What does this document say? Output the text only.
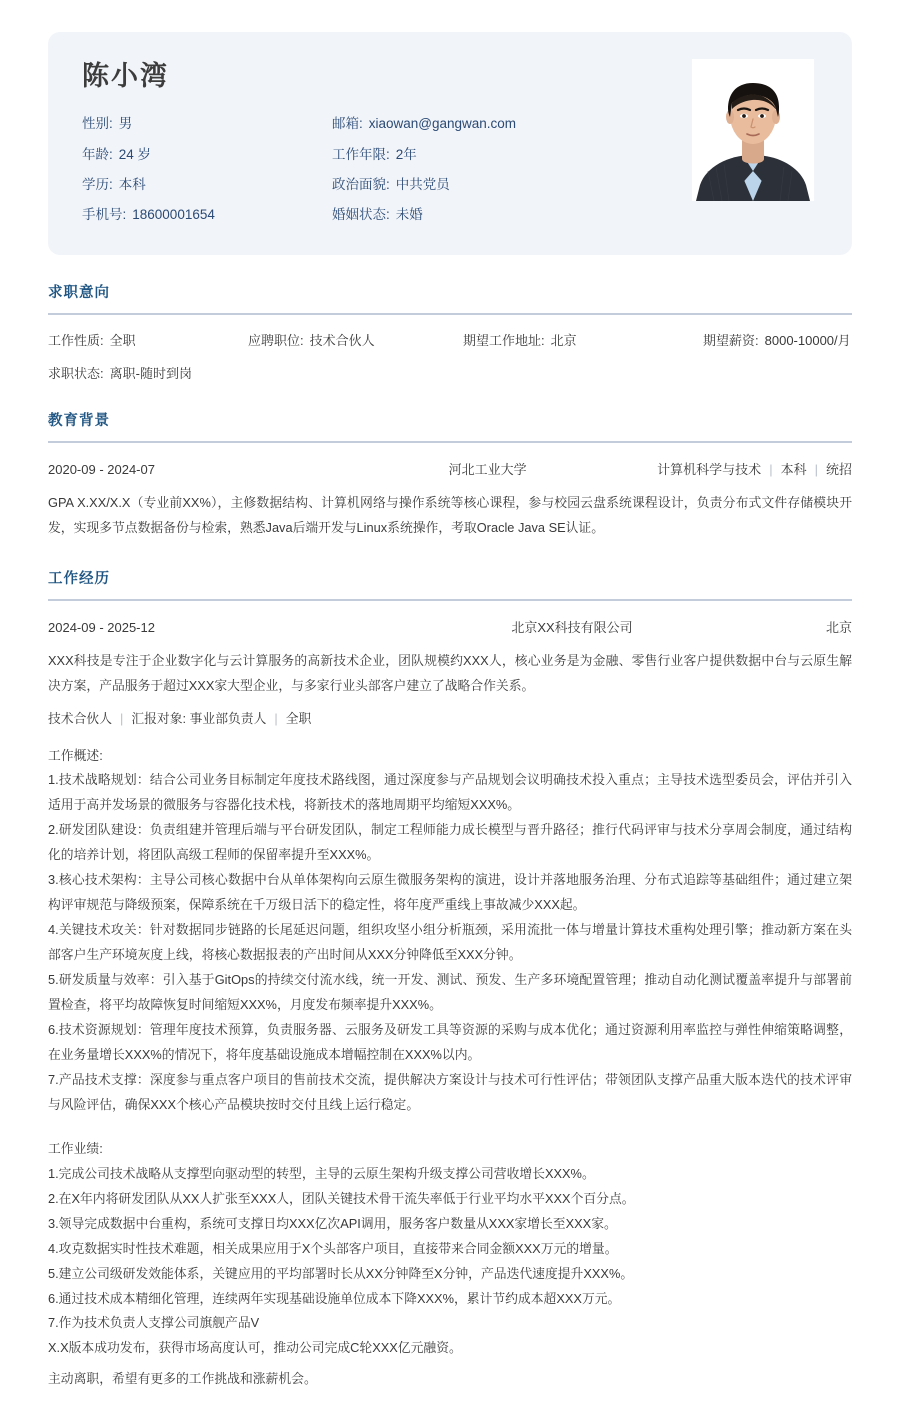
陈小湾
性别: 男	邮箱: xiaowan@gangwan.com
年龄: 24 岁	工作年限: 2年
学历: 本科	政治面貌: 中共党员
手机号: 18600001654	婚姻状态: 未婚
求职意向
工作性质: 全职	应聘职位: 技术合伙人	期望工作地址: 北京	期望薪资: 8000-10000/月
求职状态: 离职-随时到岗
教育背景
2020-09 - 2024-07	河北工业大学	计算机科学与技术 | 本科 | 统招
GPA X.XX/X.X（专业前XX%），主修数据结构、计算机网络与操作系统等核心课程，参与校园云盘系统课程设计，负责分布式文件存储模块开发，实现多节点数据备份与检索，熟悉Java后端开发与Linux系统操作，考取Oracle Java SE认证。
工作经历
2024-09 - 2025-12	北京XX科技有限公司	北京
XXX科技是专注于企业数字化与云计算服务的高新技术企业，团队规模约XXX人，核心业务是为金融、零售行业客户提供数据中台与云原生解决方案，产品服务于超过XXX家大型企业，与多家行业头部客户建立了战略合作关系。
技术合伙人 | 汇报对象: 事业部负责人 | 全职
工作概述:
1.技术战略规划：结合公司业务目标制定年度技术路线图，通过深度参与产品规划会议明确技术投入重点；主导技术选型委员会，评估并引入适用于高并发场景的微服务与容器化技术栈，将新技术的落地周期平均缩短XXX%。
2.研发团队建设：负责组建并管理后端与平台研发团队，制定工程师能力成长模型与晋升路径；推行代码评审与技术分享周会制度，通过结构化的培养计划，将团队高级工程师的保留率提升至XXX%。
3.核心技术架构：主导公司核心数据中台从单体架构向云原生微服务架构的演进，设计并落地服务治理、分布式追踪等基础组件；通过建立架构评审规范与降级预案，保障系统在千万级日活下的稳定性，将年度严重线上事故减少XXX起。
4.关键技术攻关：针对数据同步链路的长尾延迟问题，组织攻坚小组分析瓶颈，采用流批一体与增量计算技术重构处理引擎；推动新方案在头部客户生产环境灰度上线，将核心数据报表的产出时间从XXX分钟降低至XXX分钟。
5.研发质量与效率：引入基于GitOps的持续交付流水线，统一开发、测试、预发、生产多环境配置管理；推动自动化测试覆盖率提升与部署前置检查，将平均故障恢复时间缩短XXX%，月度发布频率提升XXX%。
6.技术资源规划：管理年度技术预算，负责服务器、云服务及研发工具等资源的采购与成本优化；通过资源利用率监控与弹性伸缩策略调整，在业务量增长XXX%的情况下，将年度基础设施成本增幅控制在XXX%以内。
7.产品技术支撑：深度参与重点客户项目的售前技术交流，提供解决方案设计与技术可行性评估；带领团队支撑产品重大版本迭代的技术评审与风险评估，确保XXX个核心产品模块按时交付且线上运行稳定。
工作业绩:
1.完成公司技术战略从支撑型向驱动型的转型，主导的云原生架构升级支撑公司营收增长XXX%。
2.在X年内将研发团队从XX人扩张至XXX人，团队关键技术骨干流失率低于行业平均水平XXX个百分点。
3.领导完成数据中台重构，系统可支撑日均XXX亿次API调用，服务客户数量从XXX家增长至XXX家。
4.攻克数据实时性技术难题，相关成果应用于X个头部客户项目，直接带来合同金额XXX万元的增量。
5.建立公司级研发效能体系，关键应用的平均部署时长从XX分钟降至X分钟，产品迭代速度提升XXX%。
6.通过技术成本精细化管理，连续两年实现基础设施单位成本下降XXX%，累计节约成本超XXX万元。
7.作为技术负责人支撑公司旗舰产品V
X.X版本成功发布，获得市场高度认可，推动公司完成C轮XXX亿元融资。
主动离职，希望有更多的工作挑战和涨薪机会。
